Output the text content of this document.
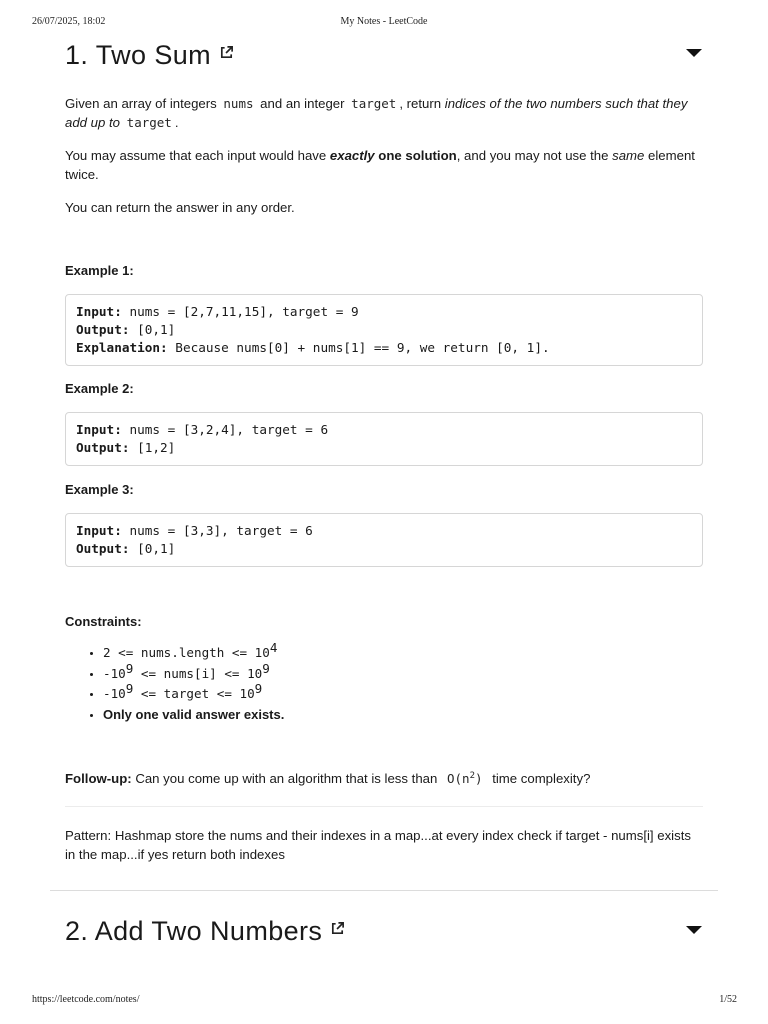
26/07/2025, 18:02	My Notes - LeetCode
1. Two Sum

Given an array of integers nums and an integer target , return indices of the two numbers such that they add up to target .

You may assume that each input would have exactly one solution, and you may not use the same element twice.

You can return the answer in any order.

Example 1:
Input: nums = [2,7,11,15], target = 9
Output: [0,1]
Explanation: Because nums[0] + nums[1] == 9, we return [0, 1].
Example 2:
Input: nums = [3,2,4], target = 6
Output: [1,2]
Example 3:
Input: nums = [3,3], target = 6
Output: [0,1]
Constraints:
• 2 <= nums.length <= $10^4$
• $-10^9$ <= nums[i] <= $10^9$
• $-10^9$ <= target <= $10^9$
• Only one valid answer exists.

Follow-up: Can you come up with an algorithm that is less than $O(n^2)$ time complexity?

Pattern: Hashmap store the nums and their indexes in a map...at every index check if target - nums[i] exists in the map...if yes return both indexes

2. Add Two Numbers
https://leetcode.com/notes/	1/52
